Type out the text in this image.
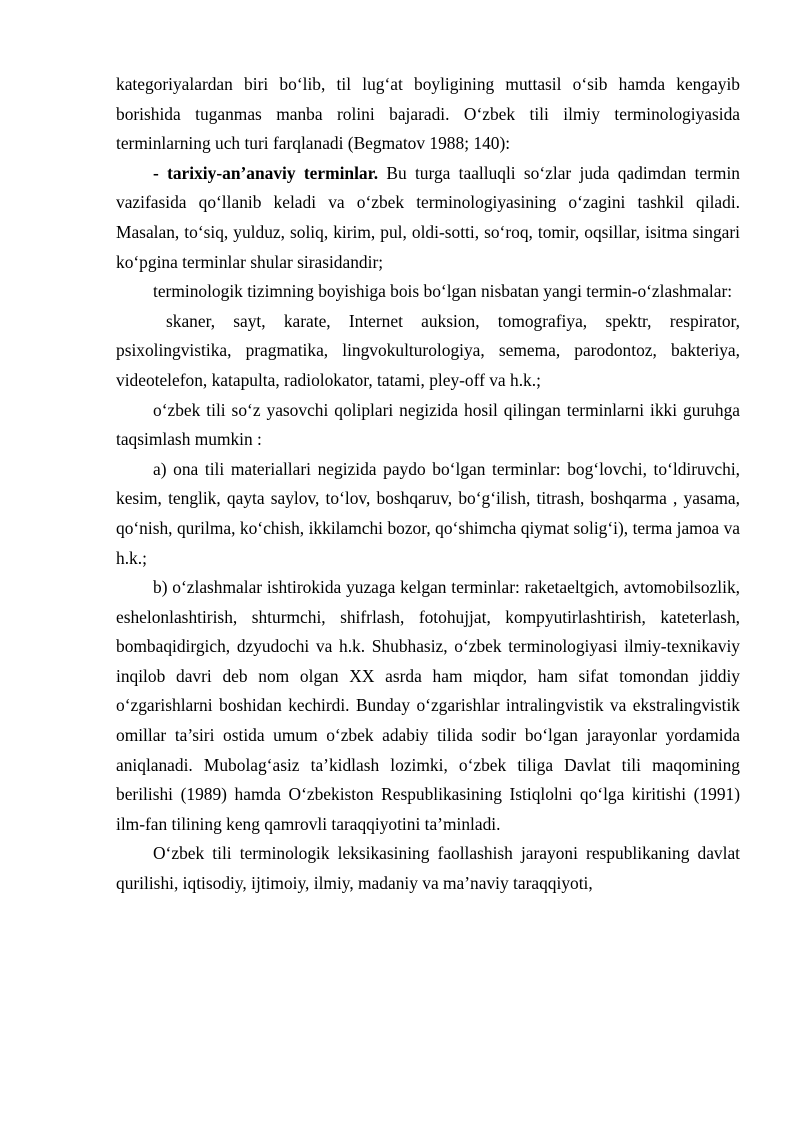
kategoriyalardan biri bo‘lib, til lug‘at boyligining muttasil o‘sib hamda kengayib borishida tuganmas manba rolini bajaradi. O‘zbek tili ilmiy terminologiyasida terminlarning uch turi farqlanadi (Begmatov 1988; 140):

- tarixiy-an’anaviy terminlar. Bu turga taalluqli so‘zlar juda qadimdan termin vazifasida qo‘llanib keladi va o‘zbek terminologiyasining o‘zagini tashkil qiladi. Masalan, to‘siq, yulduz, soliq, kirim, pul, oldi-sotti, so‘roq, tomir, oqsillar, isitma singari ko‘pgina terminlar shular sirasidandir;

terminologik tizimning boyishiga bois bo‘lgan nisbatan yangi termin-o‘zlashmalar:

skaner, sayt, karate, Internet auksion, tomografiya, spektr, respirator, psixolingvistika, pragmatika, lingvokulturologiya, semema, parodontoz, bakteriya, videotelefon, katapulta, radiolokator, tatami, pley-off va h.k.;

o‘zbek tili so‘z yasovchi qoliplari negizida hosil qilingan terminlarni ikki guruhga taqsimlash mumkin :

a) ona tili materiallari negizida paydo bo‘lgan terminlar: bog‘lovchi, to‘ldiruvchi, kesim, tenglik, qayta saylov, to‘lov, boshqaruv, bo‘g‘ilish, titrash, boshqarma , yasama, qo‘nish, qurilma, ko‘chish, ikkilamchi bozor, qo‘shimcha qiymat solig‘i), terma jamoa va h.k.;

b) o‘zlashmalar ishtirokida yuzaga kelgan terminlar: raketaeltgich, avtomobilsozlik, eshelonlashtirish, shturmchi, shifrlash, fotohujjat, kompyutirlashtirish, kateterlash, bombaqidirgich, dzyudochi va h.k. Shubhasiz, o‘zbek terminologiyasi ilmiy-texnikaviy inqilob davri deb nom olgan XX asrda ham miqdor, ham sifat tomondan jiddiy o‘zgarishlarni boshidan kechirdi. Bunday o‘zgarishlar intralingvistik va ekstralingvistik omillar ta’siri ostida umum o‘zbek adabiy tilida sodir bo‘lgan jarayonlar yordamida aniqlanadi. Mubolag‘asiz ta’kidlash lozimki, o‘zbek tiliga Davlat tili maqomining berilishi (1989) hamda O‘zbekiston Respublikasining Istiqlolni qo‘lga kiritishi (1991) ilm-fan tilining keng qamrovli taraqqiyotini ta’minladi.

O‘zbek tili terminologik leksikasining faollashish jarayoni respublikaning davlat qurilishi, iqtisodiy, ijtimoiy, ilmiy, madaniy va ma’naviy taraqqiyoti,
